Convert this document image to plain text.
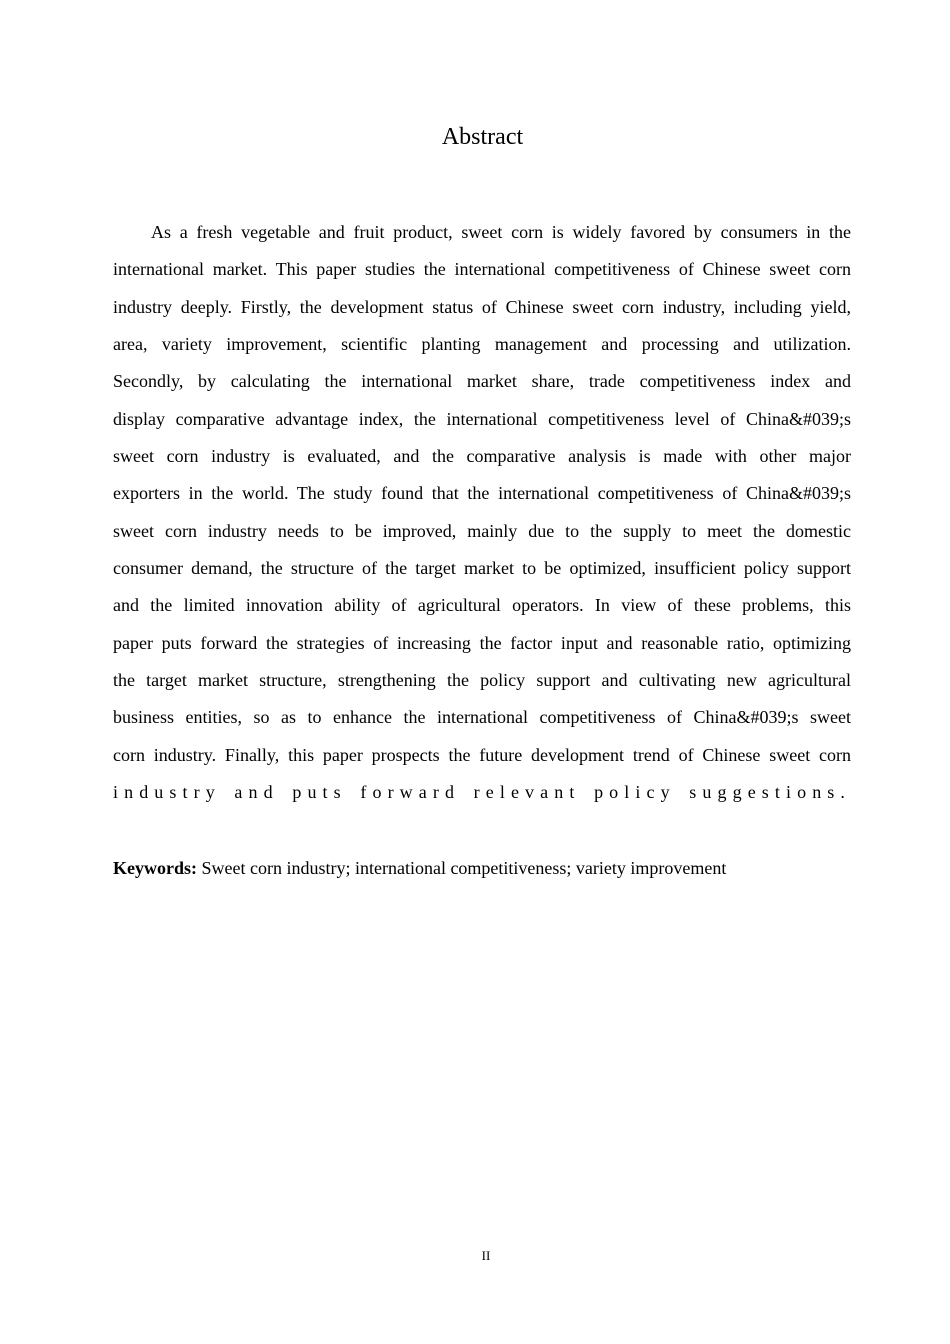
Abstract
As a fresh vegetable and fruit product, sweet corn is widely favored by consumers in the
international market. This paper studies the international competitiveness of Chinese sweet corn
industry deeply. Firstly, the development status of Chinese sweet corn industry, including yield,
area, variety improvement, scientific planting management and processing and utilization.
Secondly, by calculating the international market share, trade competitiveness index and
display comparative advantage index, the international competitiveness level of China&#039;s
sweet corn industry is evaluated, and the comparative analysis is made with other major
exporters in the world. The study found that the international competitiveness of China&#039;s
sweet corn industry needs to be improved, mainly due to the supply to meet the domestic
consumer demand, the structure of the target market to be optimized, insufficient policy support
and the limited innovation ability of agricultural operators. In view of these problems, this
paper puts forward the strategies of increasing the factor input and reasonable ratio, optimizing
the target market structure, strengthening the policy support and cultivating new agricultural
business entities, so as to enhance the international competitiveness of China&#039;s sweet
corn industry. Finally, this paper prospects the future development trend of Chinese sweet corn
industry and puts forward relevant policy suggestions.
Keywords: Sweet corn industry; international competitiveness; variety improvement
II
